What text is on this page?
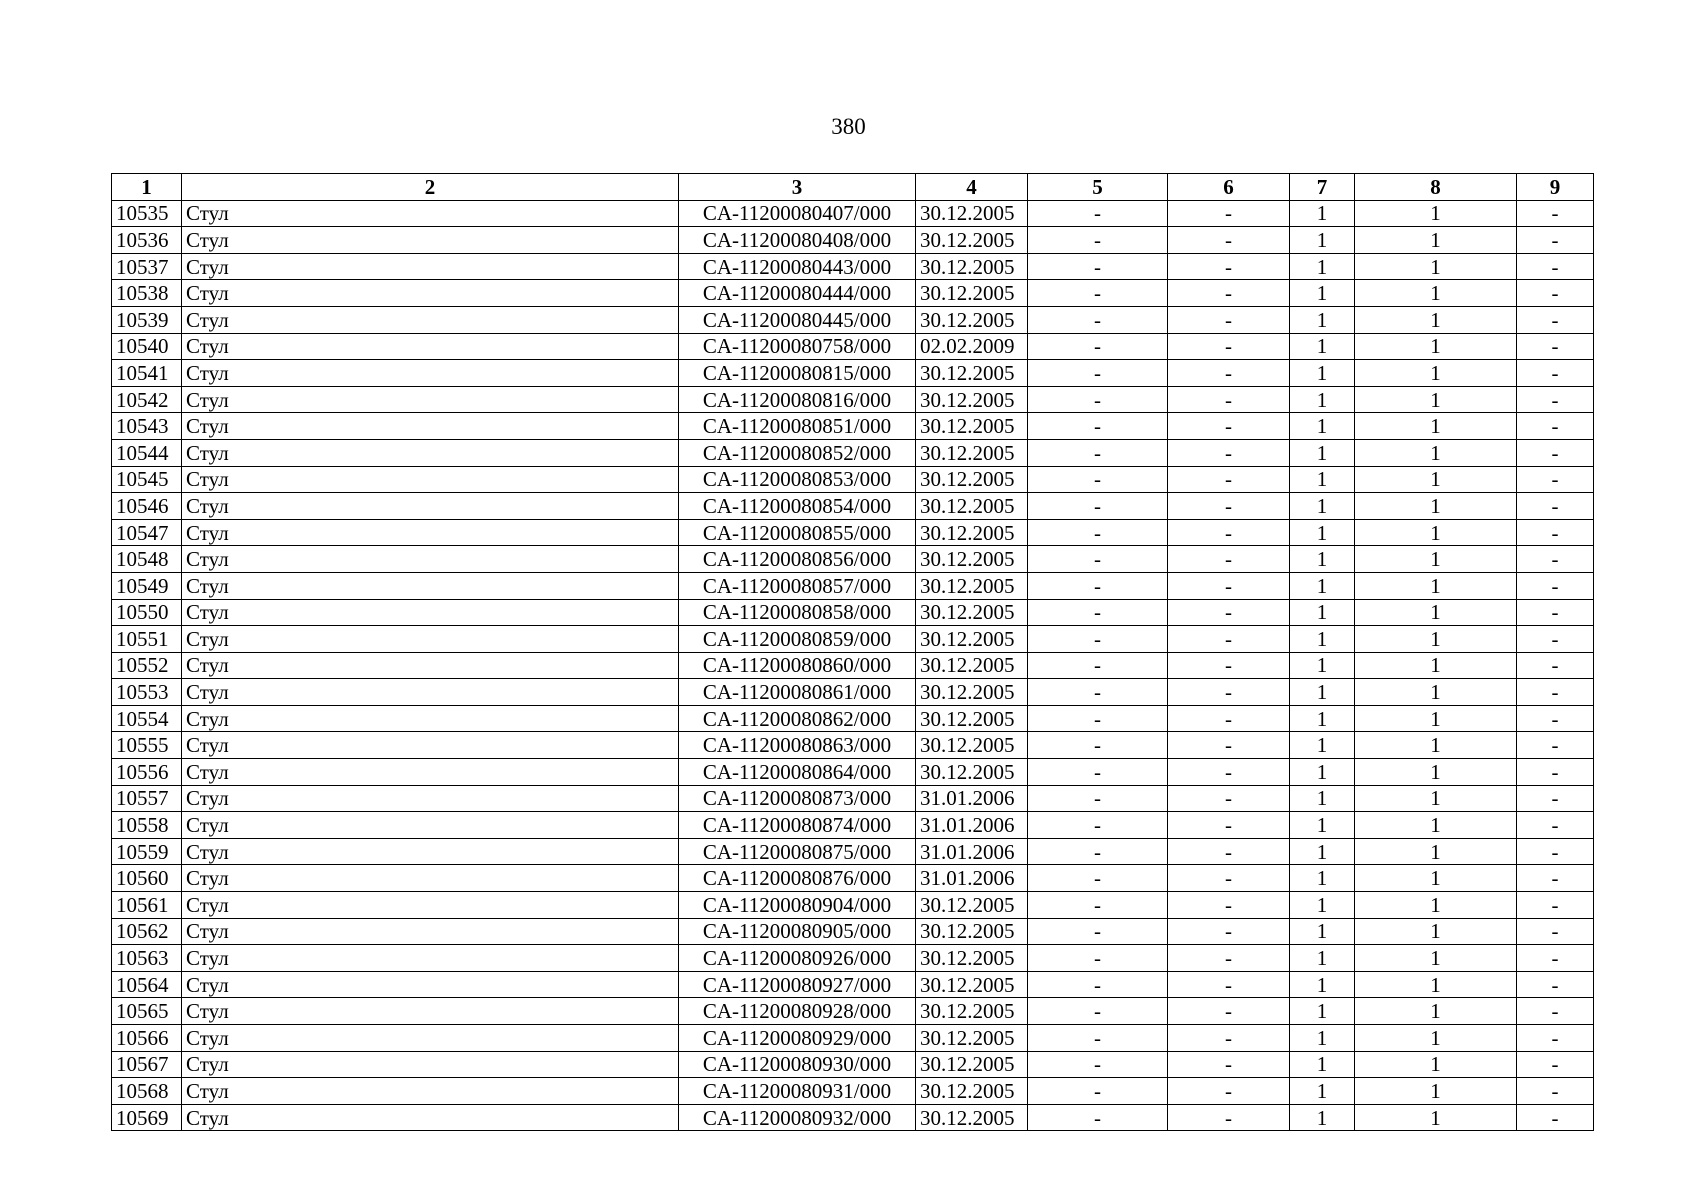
380
1	2	3	4	5	6	7	8	9
10535	Стул	CA-11200080407/000	30.12.2005	-	-	1	1	-
10536	Стул	CA-11200080408/000	30.12.2005	-	-	1	1	-
10537	Стул	CA-11200080443/000	30.12.2005	-	-	1	1	-
10538	Стул	CA-11200080444/000	30.12.2005	-	-	1	1	-
10539	Стул	CA-11200080445/000	30.12.2005	-	-	1	1	-
10540	Стул	CA-11200080758/000	02.02.2009	-	-	1	1	-
10541	Стул	CA-11200080815/000	30.12.2005	-	-	1	1	-
10542	Стул	CA-11200080816/000	30.12.2005	-	-	1	1	-
10543	Стул	CA-11200080851/000	30.12.2005	-	-	1	1	-
10544	Стул	CA-11200080852/000	30.12.2005	-	-	1	1	-
10545	Стул	CA-11200080853/000	30.12.2005	-	-	1	1	-
10546	Стул	CA-11200080854/000	30.12.2005	-	-	1	1	-
10547	Стул	CA-11200080855/000	30.12.2005	-	-	1	1	-
10548	Стул	CA-11200080856/000	30.12.2005	-	-	1	1	-
10549	Стул	CA-11200080857/000	30.12.2005	-	-	1	1	-
10550	Стул	CA-11200080858/000	30.12.2005	-	-	1	1	-
10551	Стул	CA-11200080859/000	30.12.2005	-	-	1	1	-
10552	Стул	CA-11200080860/000	30.12.2005	-	-	1	1	-
10553	Стул	CA-11200080861/000	30.12.2005	-	-	1	1	-
10554	Стул	CA-11200080862/000	30.12.2005	-	-	1	1	-
10555	Стул	CA-11200080863/000	30.12.2005	-	-	1	1	-
10556	Стул	CA-11200080864/000	30.12.2005	-	-	1	1	-
10557	Стул	CA-11200080873/000	31.01.2006	-	-	1	1	-
10558	Стул	CA-11200080874/000	31.01.2006	-	-	1	1	-
10559	Стул	CA-11200080875/000	31.01.2006	-	-	1	1	-
10560	Стул	CA-11200080876/000	31.01.2006	-	-	1	1	-
10561	Стул	CA-11200080904/000	30.12.2005	-	-	1	1	-
10562	Стул	CA-11200080905/000	30.12.2005	-	-	1	1	-
10563	Стул	CA-11200080926/000	30.12.2005	-	-	1	1	-
10564	Стул	CA-11200080927/000	30.12.2005	-	-	1	1	-
10565	Стул	CA-11200080928/000	30.12.2005	-	-	1	1	-
10566	Стул	CA-11200080929/000	30.12.2005	-	-	1	1	-
10567	Стул	CA-11200080930/000	30.12.2005	-	-	1	1	-
10568	Стул	CA-11200080931/000	30.12.2005	-	-	1	1	-
10569	Стул	CA-11200080932/000	30.12.2005	-	-	1	1	-
